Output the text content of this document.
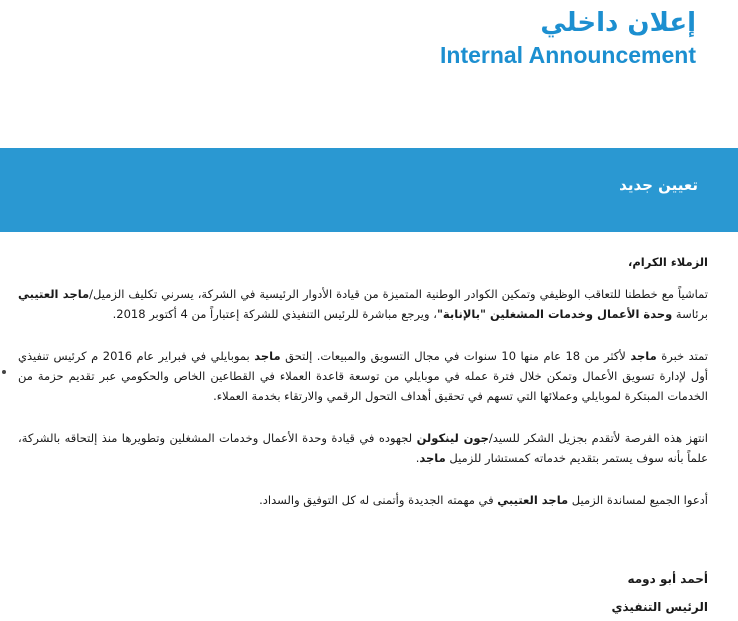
إعلان داخلي
Internal Announcement
تعيين جديد

الزملاء الكرام،

تماشياً مع خططنا للتعاقب الوظيفي وتمكين الكوادر الوطنية المتميزة من قيادة الأدوار الرئيسية في الشركة، يسرني تكليف الزميل/ماجد العتيبي برئاسة وحدة الأعمال وخدمات المشغلين "بالإنابة"، ويرجع مباشرة للرئيس التنفيذي للشركة إعتباراً من 4 أكتوبر 2018.

تمتد خبرة ماجد لأكثر من 18 عام منها 10 سنوات في مجال التسويق والمبيعات. إلتحق ماجد بموبايلي في فبراير عام 2016 م كرئيس تنفيذي أول لإدارة تسويق الأعمال وتمكن خلال فترة عمله في موبايلي من توسعة قاعدة العملاء في القطاعين الخاص والحكومي عبر تقديم حزمة من الخدمات المبتكرة لموبايلي وعملائها التي تسهم في تحقيق أهداف التحول الرقمي والارتقاء بخدمة العملاء.

انتهز هذه الفرصة لأتقدم بجزيل الشكر للسيد/جون لينكولن لجهوده في قيادة وحدة الأعمال وخدمات المشغلين وتطويرها منذ إلتحاقه بالشركة، علماً بأنه سوف يستمر بتقديم خدماته كمستشار للزميل ماجد.

أدعوا الجميع لمساندة الزميل ماجد العتيبي في مهمته الجديدة وأتمنى له كل التوفيق والسداد.

أحمد أبو دومه
الرئيس التنفيذي
